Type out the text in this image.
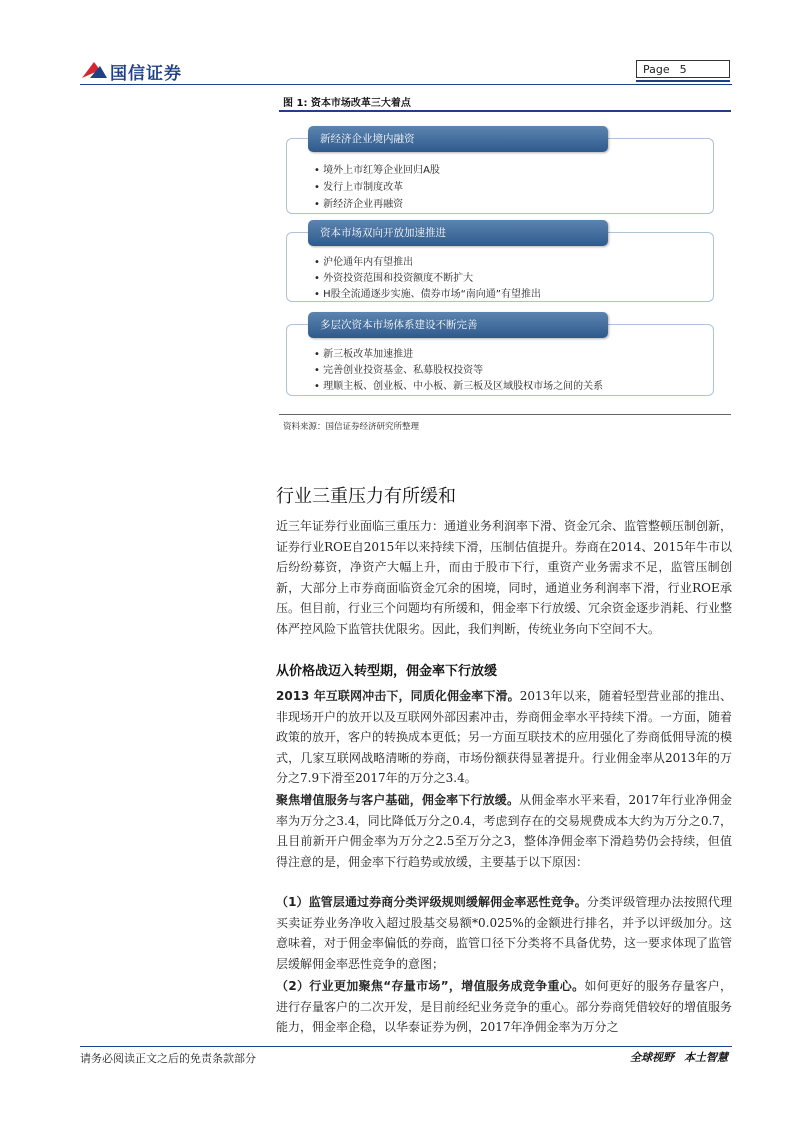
国信证券	Page 5
图 1: 资本市场改革三大着点
新经济企业境内融资
• 境外上市红筹企业回归A股
• 发行上市制度改革
• 新经济企业再融资
资本市场双向开放加速推进
• 沪伦通年内有望推出
• 外资投资范围和投资额度不断扩大
• H股全流通逐步实施、债券市场“南向通”有望推出
多层次资本市场体系建设不断完善
• 新三板改革加速推进
• 完善创业投资基金、私募股权投资等
• 理顺主板、创业板、中小板、新三板及区域股权市场之间的关系
资料来源：国信证券经济研究所整理
行业三重压力有所缓和
近三年证券行业面临三重压力：通道业务利润率下滑、资金冗余、监管整顿压制创新，证券行业ROE自2015年以来持续下滑，压制估值提升。券商在2014、2015年牛市以后纷纷募资，净资产大幅上升，而由于股市下行，重资产业务需求不足，监管压制创新，大部分上市券商面临资金冗余的困境，同时，通道业务利润率下滑，行业ROE承压。但目前，行业三个问题均有所缓和，佣金率下行放缓、冗余资金逐步消耗、行业整体严控风险下监管扶优限劣。因此，我们判断，传统业务向下空间不大。
从价格战迈入转型期，佣金率下行放缓
2013 年互联网冲击下，同质化佣金率下滑。2013年以来，随着轻型营业部的推出、非现场开户的放开以及互联网外部因素冲击，券商佣金率水平持续下滑。一方面，随着政策的放开，客户的转换成本更低；另一方面互联技术的应用强化了券商低佣导流的模式，几家互联网战略清晰的券商，市场份额获得显著提升。行业佣金率从2013年的万分之7.9下滑至2017年的万分之3.4。
聚焦增值服务与客户基础，佣金率下行放缓。从佣金率水平来看，2017年行业净佣金率为万分之3.4，同比降低万分之0.4，考虑到存在的交易规费成本大约为万分之0.7，且目前新开户佣金率为万分之2.5至万分之3，整体净佣金率下滑趋势仍会持续，但值得注意的是，佣金率下行趋势或放缓，主要基于以下原因：
（1）监管层通过券商分类评级规则缓解佣金率恶性竞争。分类评级管理办法按照代理买卖证券业务净收入超过股基交易额*0.025%的金额进行排名，并予以评级加分。这意味着，对于佣金率偏低的券商，监管口径下分类将不具备优势，这一要求体现了监管层缓解佣金率恶性竞争的意图；
（2）行业更加聚焦“存量市场”，增值服务成竞争重心。如何更好的服务存量客户，进行存量客户的二次开发，是目前经纪业务竞争的重心。部分券商凭借较好的增值服务能力，佣金率企稳，以华泰证券为例，2017年净佣金率为万分之
请务必阅读正文之后的免责条款部分	全球视野 本土智慧
